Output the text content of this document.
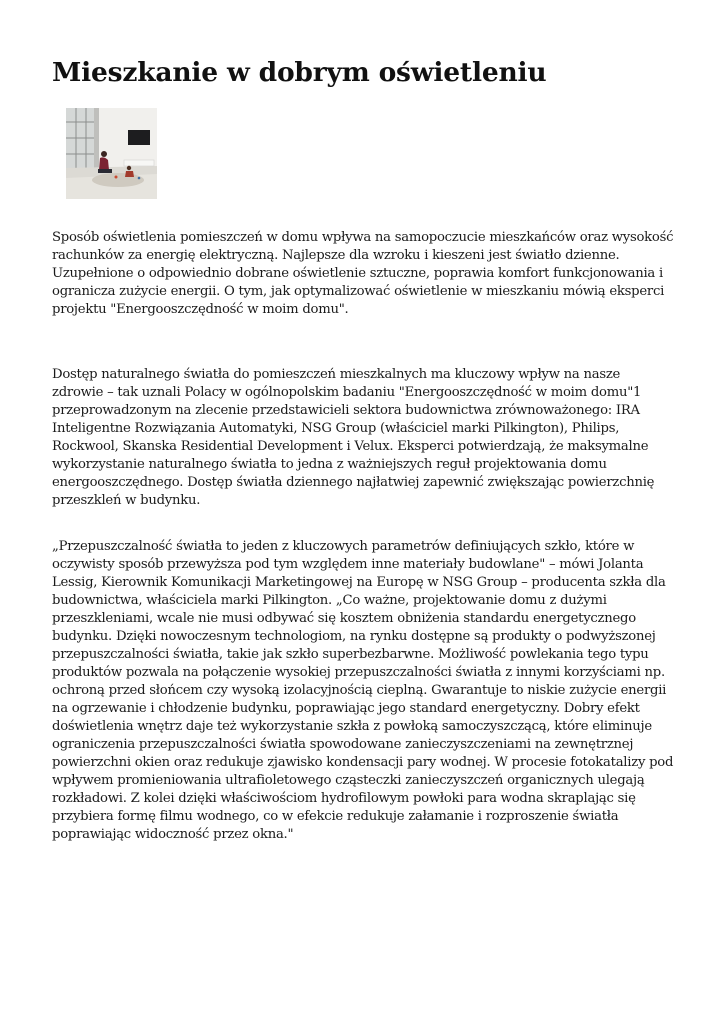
Mieszkanie w dobrym oświetleniu

Sposób oświetlenia pomieszczeń w domu wpływa na samopoczucie mieszkańców oraz wysokość rachunków za energię elektryczną. Najlepsze dla wzroku i kieszeni jest światło dzienne. Uzupełnione o odpowiednio dobrane oświetlenie sztuczne, poprawia komfort funkcjonowania i ogranicza zużycie energii. O tym, jak optymalizować oświetlenie w mieszkaniu mówią eksperci projektu "Energooszczędność w moim domu".

Dostęp naturalnego światła do pomieszczeń mieszkalnych ma kluczowy wpływ na nasze zdrowie – tak uznali Polacy w ogólnopolskim badaniu "Energooszczędność w moim domu"1 przeprowadzonym na zlecenie przedstawicieli sektora budownictwa zrównoważonego: IRA Inteligentne Rozwiązania Automatyki, NSG Group (właściciel marki Pilkington), Philips, Rockwool, Skanska Residential Development i Velux. Eksperci potwierdzają, że maksymalne wykorzystanie naturalnego światła to jedna z ważniejszych reguł projektowania domu energooszczędnego. Dostęp światła dziennego najłatwiej zapewnić zwiększając powierzchnię przeszkleń w budynku.

„Przepuszczalność światła to jeden z kluczowych parametrów definiujących szkło, które w oczywisty sposób przewyższa pod tym względem inne materiały budowlane" – mówi Jolanta Lessig, Kierownik Komunikacji Marketingowej na Europę w NSG Group – producenta szkła dla budownictwa, właściciela marki Pilkington. „Co ważne, projektowanie domu z dużymi przeszkleniami, wcale nie musi odbywać się kosztem obniżenia standardu energetycznego budynku. Dzięki nowoczesnym technologiom, na rynku dostępne są produkty o podwyższonej przepuszczalności światła, takie jak szkło superbezbarwne. Możliwość powlekania tego typu produktów pozwala na połączenie wysokiej przepuszczalności światła z innymi korzyściami np. ochroną przed słońcem czy wysoką izolacyjnością cieplną. Gwarantuje to niskie zużycie energii na ogrzewanie i chłodzenie budynku, poprawiając jego standard energetyczny. Dobry efekt doświetlenia wnętrz daje też wykorzystanie szkła z powłoką samoczyszczącą, które eliminuje ograniczenia przepuszczalności światła spowodowane zanieczyszczeniami na zewnętrznej powierzchni okien oraz redukuje zjawisko kondensacji pary wodnej. W procesie fotokatalizy pod wpływem promieniowania ultrafioletowego cząsteczki zanieczyszczeń organicznych ulegają rozkładowi. Z kolei dzięki właściwościom hydrofilowym powłoki para wodna skraplając się przybiera formę filmu wodnego, co w efekcie redukuje załamanie i rozproszenie światła poprawiając widoczność przez okna."
